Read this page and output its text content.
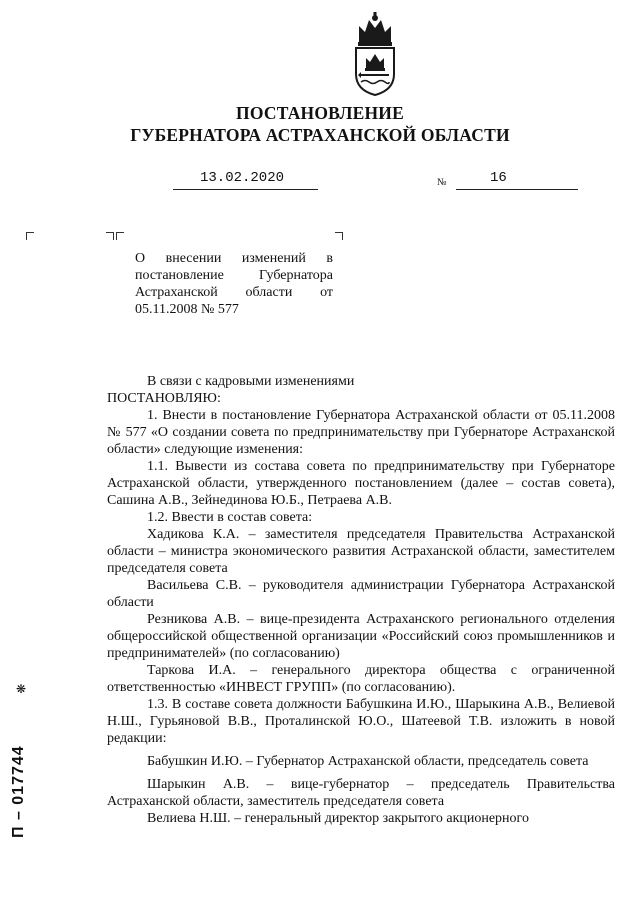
ПОСТАНОВЛЕНИЕ
ГУБЕРНАТОРА АСТРАХАНСКОЙ ОБЛАСТИ
13.02.2020	№	16
О внесении изменений в
постановление Губернатора
Астраханской области от
05.11.2008 № 577

В связи с кадровыми изменениями

ПОСТАНОВЛЯЮ:

1. Внести в постановление Губернатора Астраханской области от 05.11.2008 № 577 «О создании совета по предпринимательству при Губернаторе Астраханской области» следующие изменения:

1.1. Вывести из состава совета по предпринимательству при Губернаторе Астраханской области, утвержденного постановлением (далее – состав совета), Сашина А.В., Зейнединова Ю.Б., Петраева А.В.

1.2. Ввести в состав совета:

Хадикова К.А. – заместителя председателя Правительства Астраханской области – министра экономического развития Астраханской области, заместителем председателя совета

Васильева С.В. – руководителя администрации Губернатора Астраханской области

Резникова А.В. – вице-президента Астраханского регионального отделения общероссийской общественной организации «Российский союз промышленников и предпринимателей» (по согласованию)

Таркова И.А. – генерального директора общества с ограниченной ответственностью «ИНВЕСТ ГРУПП» (по согласованию).

1.3. В составе совета должности Бабушкина И.Ю., Шарыкина А.В., Велиевой Н.Ш., Гурьяновой В.В., Проталинской Ю.О., Шатеевой Т.В. изложить в новой редакции:

Бабушкин И.Ю. – Губернатор Астраханской области, председатель совета

Шарыкин А.В. – вице-губернатор – председатель Правительства Астраханской области, заместитель председателя совета

Велиева Н.Ш. – генеральный директор закрытого акционерного

❋
П – 017744
